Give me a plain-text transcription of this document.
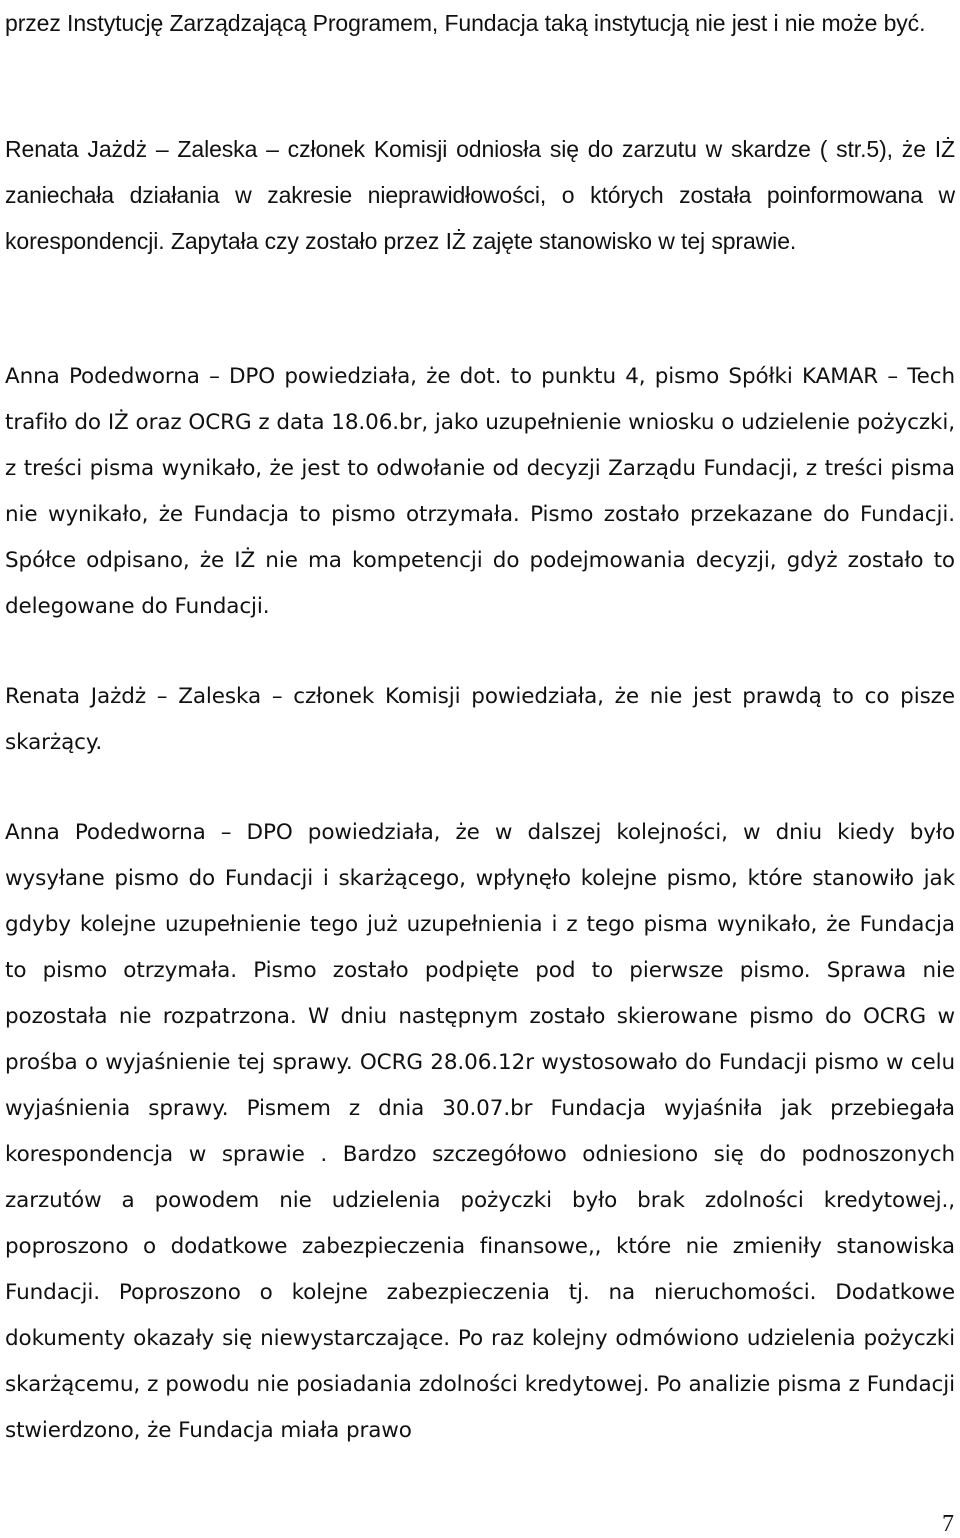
przez Instytucję Zarządzającą Programem, Fundacja taką instytucją nie jest i nie może być.

Renata Jażdż – Zaleska – członek Komisji odniosła się do zarzutu w skardze ( str.5), że IŻ zaniechała działania w zakresie nieprawidłowości, o których została poinformowana w korespondencji. Zapytała czy zostało przez IŻ zajęte stanowisko w tej sprawie.

Anna Podedworna – DPO powiedziała, że dot. to punktu 4, pismo Spółki KAMAR – Tech trafiło do IŻ oraz OCRG z data 18.06.br, jako uzupełnienie wniosku o udzielenie pożyczki, z treści pisma wynikało, że jest to odwołanie od decyzji Zarządu Fundacji, z treści pisma nie wynikało, że Fundacja to pismo otrzymała. Pismo zostało przekazane do Fundacji. Spółce odpisano, że IŻ nie ma kompetencji do podejmowania decyzji, gdyż zostało to delegowane do Fundacji.

Renata Jażdż – Zaleska – członek Komisji powiedziała, że nie jest prawdą to co pisze skarżący.

Anna Podedworna – DPO powiedziała, że w dalszej kolejności, w dniu kiedy było wysyłane pismo do Fundacji i skarżącego, wpłynęło kolejne pismo, które stanowiło jak gdyby kolejne uzupełnienie tego już uzupełnienia i z tego pisma wynikało, że Fundacja to pismo otrzymała. Pismo zostało podpięte pod to pierwsze pismo. Sprawa nie pozostała nie rozpatrzona. W dniu następnym zostało skierowane pismo do OCRG w prośba o wyjaśnienie tej sprawy. OCRG 28.06.12r wystosowało do Fundacji pismo w celu wyjaśnienia sprawy. Pismem z dnia 30.07.br Fundacja wyjaśniła jak przebiegała korespondencja w sprawie . Bardzo szczegółowo odniesiono się do podnoszonych zarzutów a powodem nie udzielenia pożyczki było brak zdolności kredytowej., poproszono o dodatkowe zabezpieczenia finansowe,, które nie zmieniły stanowiska Fundacji. Poproszono o kolejne zabezpieczenia tj. na nieruchomości. Dodatkowe dokumenty okazały się niewystarczające. Po raz kolejny odmówiono udzielenia pożyczki skarżącemu, z powodu nie posiadania zdolności kredytowej. Po analizie pisma z Fundacji stwierdzono, że Fundacja miała prawo

7
